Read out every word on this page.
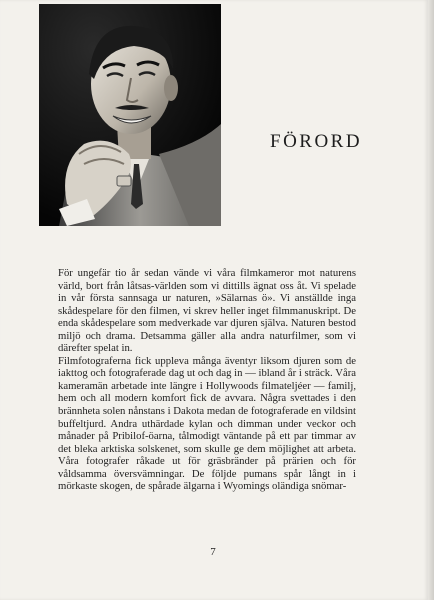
FÖRORD

För ungefär tio år sedan vände vi våra filmkameror mot naturens värld, bort från låtsas-världen som vi dittills ägnat oss åt. Vi spelade in vår första sannsaga ur naturen, »Sälarnas ö». Vi anställde inga skådespelare för den filmen, vi skrev heller inget filmmanuskript. De enda skådespelare som medverkade var djuren själva. Naturen bestod miljö och drama. Detsamma gäller alla andra naturfilmer, som vi därefter spelat in.

Filmfotograferna fick uppleva många äventyr liksom djuren som de iakttog och fotograferade dag ut och dag in — ibland år i sträck. Våra kameramän arbetade inte längre i Hollywoods filmateljéer — familj, hem och all modern komfort fick de avvara. Några svettades i den brännheta solen nånstans i Dakota medan de fotograferade en vildsint buffeltjurd. Andra uthärdade kylan och dimman under veckor och månader på Pribilof-öarna, tålmodigt väntande på ett par timmar av det bleka arktiska solskenet, som skulle ge dem möjlighet att arbeta. Våra fotografer råkade ut för gräsbränder på prärien och för våldsamma översvämningar. De följde pumans spår långt in i mörkaste skogen, de spårade älgarna i Wyomings oländiga snömar-

7
